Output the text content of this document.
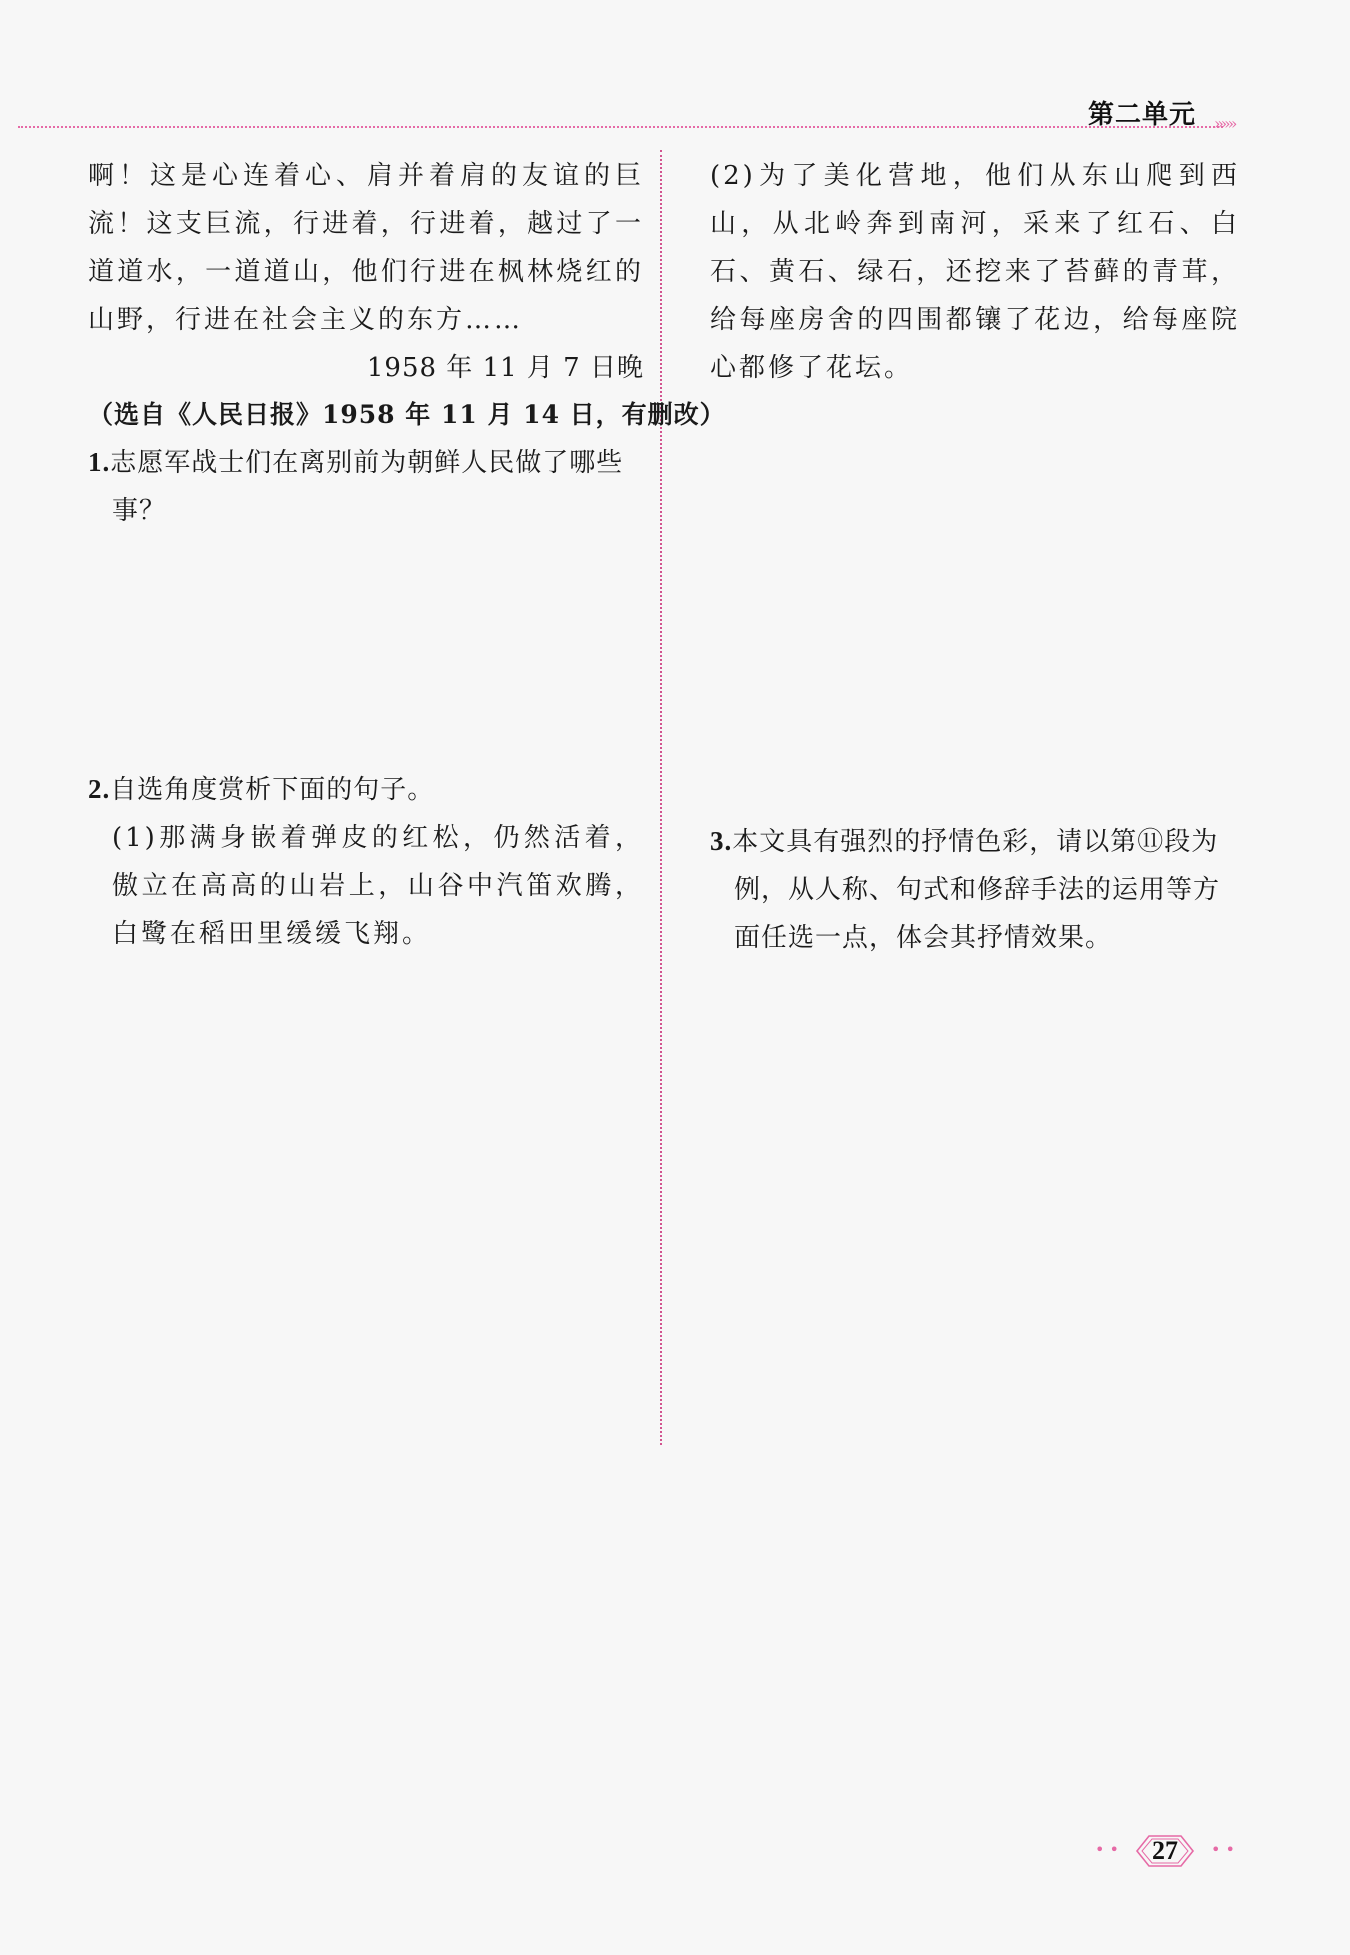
第二单元 »»»

啊！这是心连着心、肩并着肩的友谊的巨流！这支巨流，行进着，行进着，越过了一道道水，一道道山，他们行进在枫林烧红的山野，行进在社会主义的东方……

1958 年 11 月 7 日晚

（选自《人民日报》1958 年 11 月 14 日，有删改）

1.志愿军战士们在离别前为朝鲜人民做了哪些事？

2.自选角度赏析下面的句子。

(1)那满身嵌着弹皮的红松，仍然活着，傲立在高高的山岩上，山谷中汽笛欢腾，白鹭在稻田里缓缓飞翔。

(2)为了美化营地，他们从东山爬到西山，从北岭奔到南河，采来了红石、白石、黄石、绿石，还挖来了苔藓的青茸，给每座房舍的四围都镶了花边，给每座院心都修了花坛。

3.本文具有强烈的抒情色彩，请以第⑪段为例，从人称、句式和修辞手法的运用等方面任选一点，体会其抒情效果。

• •	27	• •
